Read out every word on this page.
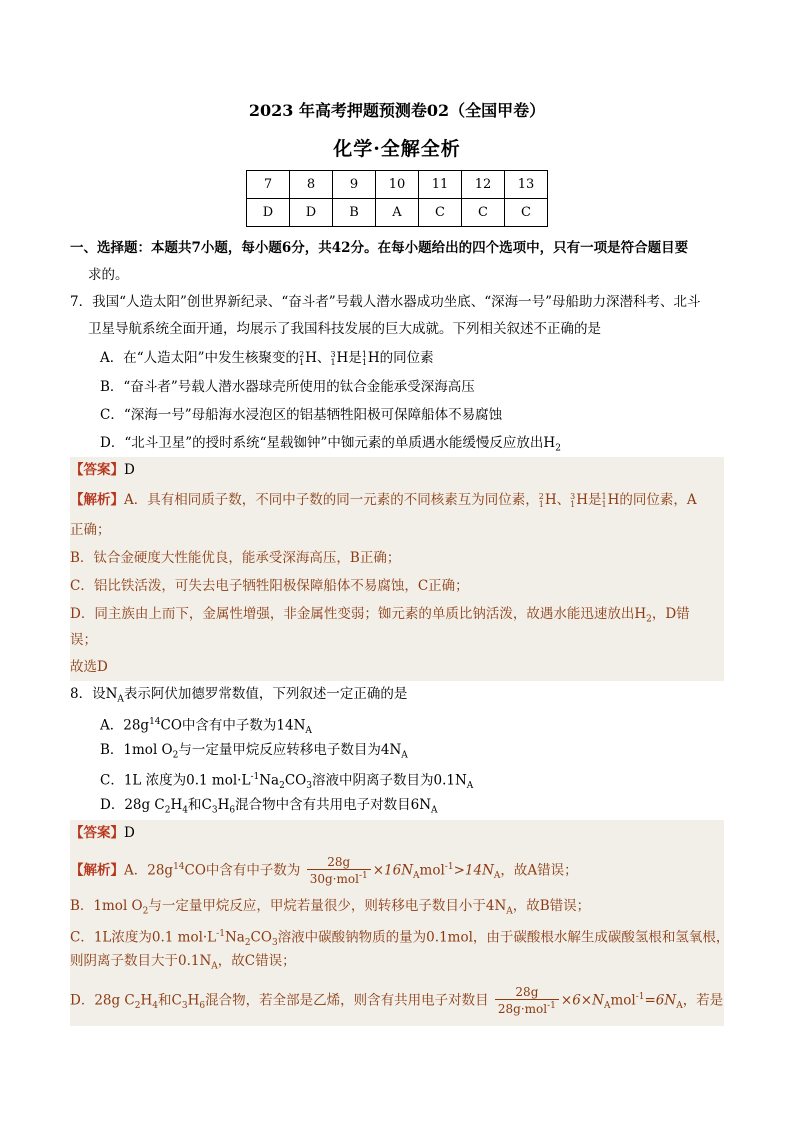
2023 年高考押题预测卷02（全国甲卷）
化学·全解全析
7	8	9	10	11	12	13
D	D	B	A	C	C	C
一、选择题：本题共7小题，每小题6分，共42分。在每小题给出的四个选项中，只有一项是符合题目要
求的。
7．我国“人造太阳”创世界新纪录、“奋斗者”号载人潜水器成功坐底、“深海一号”母船助力深潜科考、北斗
卫星导航系统全面开通，均展示了我国科技发展的巨大成就。下列相关叙述不正确的是
A．在“人造太阳”中发生核聚变的2
1H、3
1H是1
1H的同位素
B．“奋斗者”号载人潜水器球壳所使用的钛合金能承受深海高压
C．“深海一号”母船海水浸泡区的铝基牺牲阳极可保障船体不易腐蚀
D．“北斗卫星”的授时系统“星载铷钟”中铷元素的单质遇水能缓慢反应放出$H_2$
【答案】D
【解析】A．具有相同质子数，不同中子数的同一元素的不同核素互为同位素，2
1H、3
1H是1
1H的同位素，A
正确；
B．钛合金硬度大性能优良，能承受深海高压，B正确；
C．铝比铁活泼，可失去电子牺牲阳极保障船体不易腐蚀，C正确；
D．同主族由上而下，金属性增强，非金属性变弱；铷元素的单质比钠活泼，故遇水能迅速放出$H_2$，D错
误；
故选D
8．设$N_A$表示阿伏加德罗常数值，下列叙述一定正确的是
A．$28g^{14}CO$中含有中子数为$14N_A$
B．1mol $O_2$与一定量甲烷反应转移电子数目为$4N_A$
C．1L 浓度为0.1 $mol\cdot L^{-1}Na_2CO_3$溶液中阴离子数目为$0.1N_A$
D．28g $C_2H_4$和$C_3H_6$混合物中含有共用电子对数目$6N_A$
【答案】D
【解析】A．$28g^{14}CO$中含有中子数为 $\frac{28g}{30g\cdot mol^{-1}} \times 16N_Amol^{-1}>14N_A$，故A错误；
B．1mol $O_2$与一定量甲烷反应，甲烷若量很少，则转移电子数目小于$4N_A$，故B错误；
C．1L浓度为0.1 $mol\cdot L^{-1}Na_2CO_3$溶液中碳酸钠物质的量为0.1mol，由于碳酸根水解生成碳酸氢根和氢氧根，
则阴离子数目大于$0.1N_A$，故C错误；
D．28g $C_2H_4$和$C_3H_6$混合物，若全部是乙烯，则含有共用电子对数目 $\frac{28g}{28g\cdot mol^{-1}} \times 6\times N_Amol^{-1}=6N_A$，若是
